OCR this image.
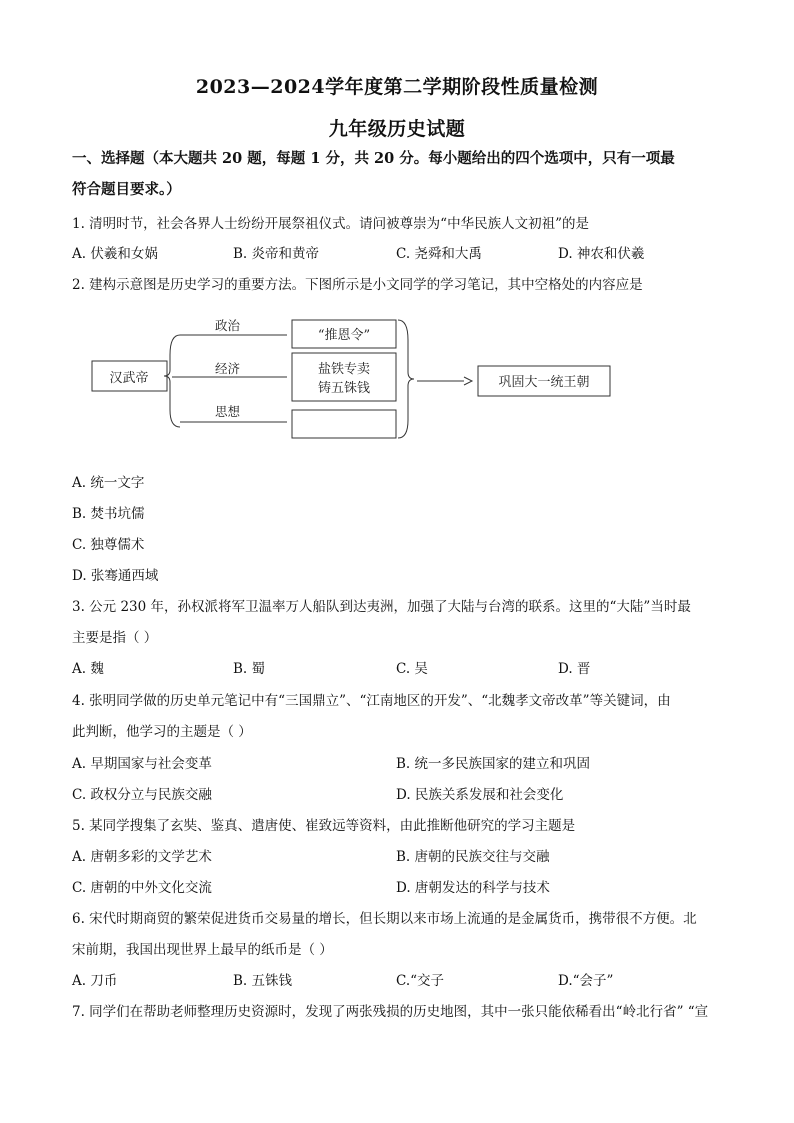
2023—2024学年度第二学期阶段性质量检测
九年级历史试题
一、选择题（本大题共 20 题，每题 1 分，共 20 分。每小题给出的四个选项中，只有一项最
符合题目要求。）
1. 清明时节，社会各界人士纷纷开展祭祖仪式。请问被尊崇为“中华民族人文初祖”的是
A. 伏羲和女娲	B. 炎帝和黄帝	C. 尧舜和大禹	D. 神农和伏羲
2. 建构示意图是历史学习的重要方法。下图所示是小文同学的学习笔记，其中空格处的内容应是
汉武帝
政治
经济
思想
“推恩令”
盐铁专卖
铸五铢钱	巩固大一统王朝
A. 统一文字
B. 焚书坑儒
C. 独尊儒术
D. 张骞通西域
3. 公元 230 年，孙权派将军卫温率万人船队到达夷洲，加强了大陆与台湾的联系。这里的“大陆”当时最
主要是指（ ）
A. 魏	B. 蜀	C. 吴	D. 晋
4. 张明同学做的历史单元笔记中有“三国鼎立”、“江南地区的开发”、“北魏孝文帝改革”等关键词，由
此判断，他学习的主题是（ ）
A. 早期国家与社会变革	B. 统一多民族国家的建立和巩固
C. 政权分立与民族交融	D. 民族关系发展和社会变化
5. 某同学搜集了玄奘、鉴真、遣唐使、崔致远等资料，由此推断他研究的学习主题是
A. 唐朝多彩的文学艺术	B. 唐朝的民族交往与交融
C. 唐朝的中外文化交流	D. 唐朝发达的科学与技术
6. 宋代时期商贸的繁荣促进货币交易量的增长，但长期以来市场上流通的是金属货币，携带很不方便。北
宋前期，我国出现世界上最早的纸币是（ ）
A. 刀币	B. 五铢钱	C.“交子	D.“会子”
7. 同学们在帮助老师整理历史资源时，发现了两张残损的历史地图，其中一张只能依稀看出“岭北行省” “宣
